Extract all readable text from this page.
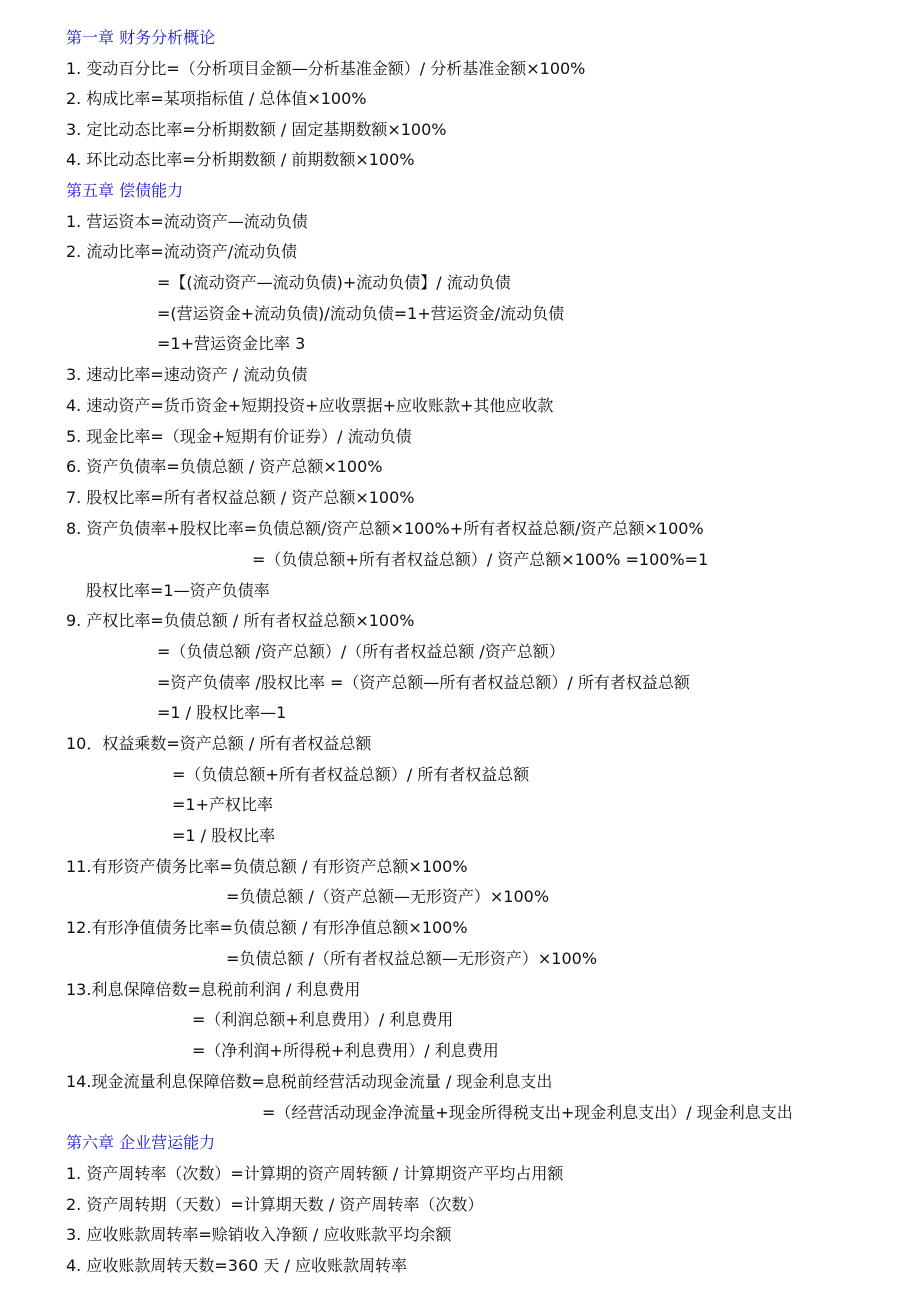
第一章 财务分析概论
1. 变动百分比=（分析项目金额—分析基准金额）/ 分析基准金额×100%
2. 构成比率=某项指标值 / 总体值×100%
3. 定比动态比率=分析期数额 / 固定基期数额×100%
4. 环比动态比率=分析期数额 / 前期数额×100%
第五章 偿债能力
1. 营运资本=流动资产—流动负债
2. 流动比率=流动资产/流动负债
=【(流动资产—流动负债)+流动负债】/ 流动负债
=(营运资金+流动负债)/流动负债=1+营运资金/流动负债
=1+营运资金比率 3
3. 速动比率=速动资产 / 流动负债
4. 速动资产=货币资金+短期投资+应收票据+应收账款+其他应收款
5. 现金比率=（现金+短期有价证券）/ 流动负债
6. 资产负债率=负债总额 / 资产总额×100%
7. 股权比率=所有者权益总额 / 资产总额×100%
8. 资产负债率+股权比率=负债总额/资产总额×100%+所有者权益总额/资产总额×100%
=（负债总额+所有者权益总额）/ 资产总额×100% =100%=1
股权比率=1—资产负债率
9. 产权比率=负债总额 / 所有者权益总额×100%
=（负债总额 /资产总额）/（所有者权益总额 /资产总额）
=资产负债率 /股权比率 =（资产总额—所有者权益总额）/ 所有者权益总额
=1 / 股权比率—1
10．权益乘数=资产总额 / 所有者权益总额
=（负债总额+所有者权益总额）/ 所有者权益总额
=1+产权比率
=1 / 股权比率
11.有形资产债务比率=负债总额 / 有形资产总额×100%
=负债总额 /（资产总额—无形资产）×100%
12.有形净值债务比率=负债总额 / 有形净值总额×100%
=负债总额 /（所有者权益总额—无形资产）×100%
13.利息保障倍数=息税前利润 / 利息费用
=（利润总额+利息费用）/ 利息费用
=（净利润+所得税+利息费用）/ 利息费用
14.现金流量利息保障倍数=息税前经营活动现金流量 / 现金利息支出
=（经营活动现金净流量+现金所得税支出+现金利息支出）/ 现金利息支出
第六章 企业营运能力
1. 资产周转率（次数）=计算期的资产周转额 / 计算期资产平均占用额
2. 资产周转期（天数）=计算期天数 / 资产周转率（次数）
3. 应收账款周转率=赊销收入净额 / 应收账款平均余额
4. 应收账款周转天数=360 天 / 应收账款周转率
